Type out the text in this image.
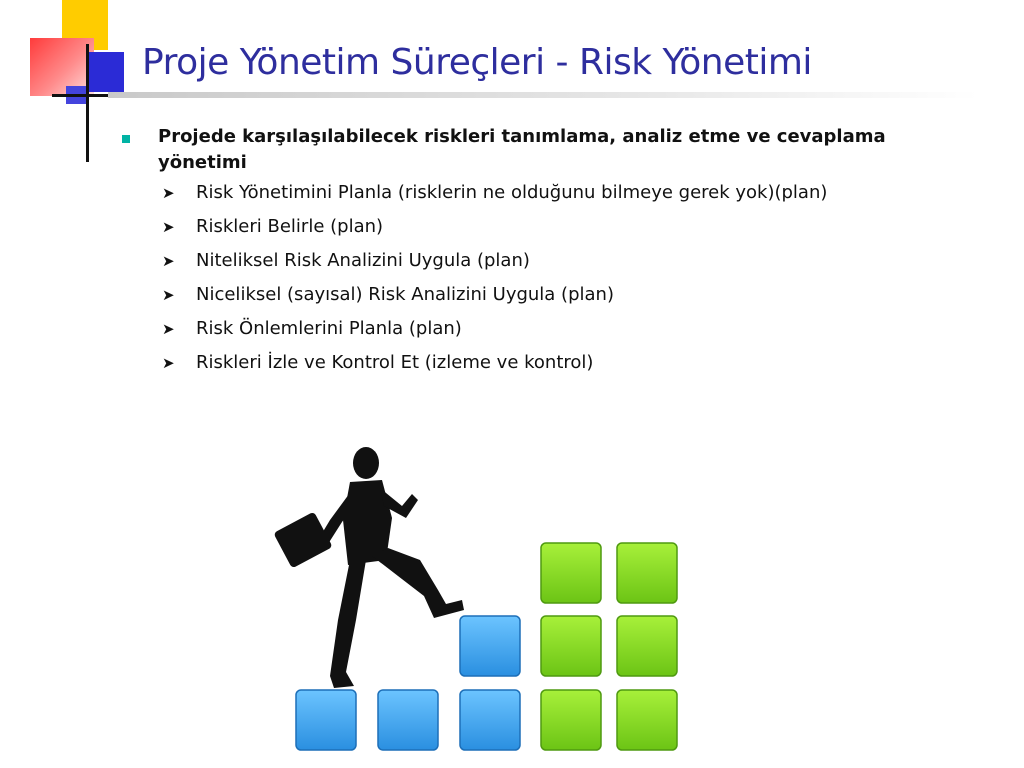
Proje Yönetim Süreçleri - Risk Yönetimi
Projede karşılaşılabilecek riskleri tanımlama, analiz etme ve cevaplama yönetimi
➤	Risk Yönetimini Planla (risklerin ne olduğunu bilmeye gerek yok)(plan)
➤	Riskleri Belirle (plan)
➤	Niteliksel Risk Analizini Uygula (plan)
➤	Niceliksel (sayısal) Risk Analizini Uygula (plan)
➤	Risk Önlemlerini Planla (plan)
➤	Riskleri İzle ve Kontrol Et (izleme ve kontrol)
